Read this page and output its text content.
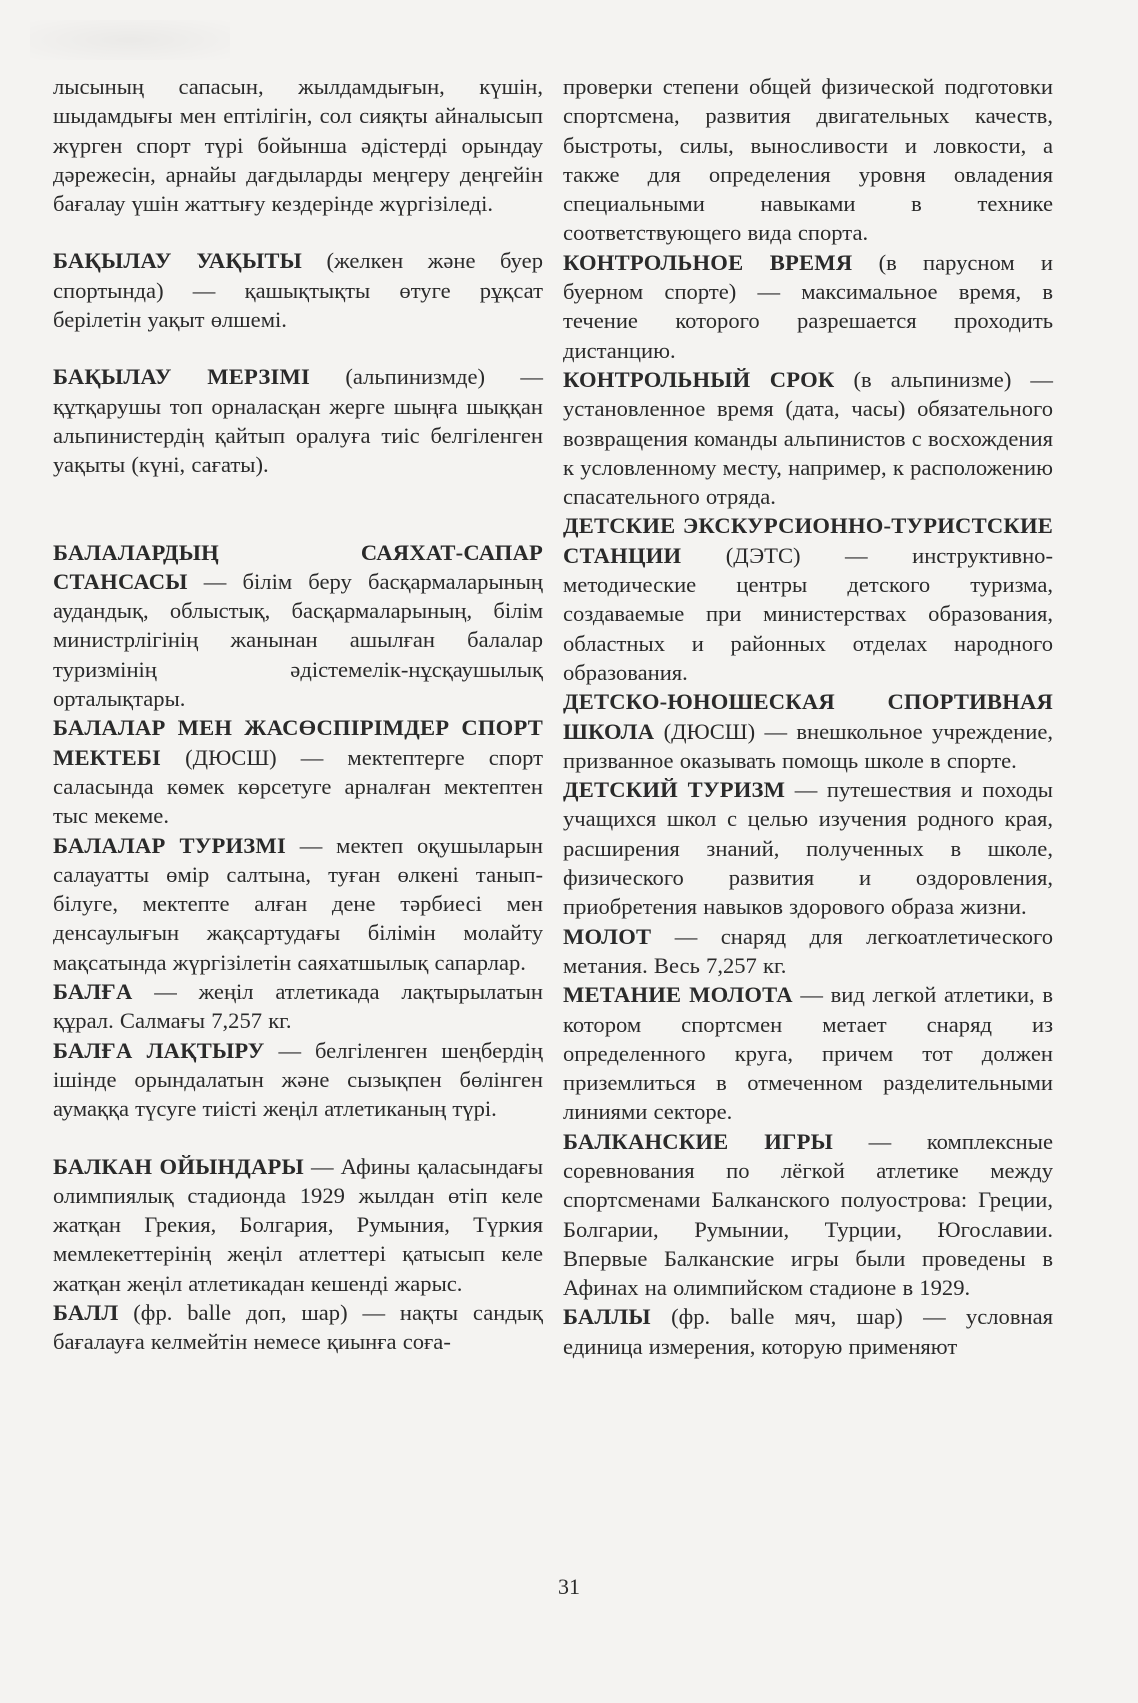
лысының сапасын, жылдамдығын, күшін, шыдамдығы мен ептілігін, сол сияқты айналысып жүрген спорт түрі бойынша әдістерді орындау дәрежесін, арнайы дағдыларды меңгеру деңгейін бағалау үшін жаттығу кездерінде жүргізіледі.

БАҚЫЛАУ УАҚЫТЫ (желкен және буер спортында) — қашықтықты өтуге рұқсат берілетін уақыт өлшемі.

БАҚЫЛАУ МЕРЗІМІ (альпинизмде) — құтқарушы топ орналасқан жерге шыңға шыққан альпинистердің қайтып оралуға тиіс белгіленген уақыты (күні, сағаты).

БАЛАЛАРДЫҢ САЯХАТ-САПАР СТАНСАСЫ — білім беру басқармаларының аудандық, облыстық, басқармаларының, білім министрлігінің жанынан ашылған балалар туризмінің әдістемелік-нұсқаушылық орталықтары.

БАЛАЛАР МЕН ЖАСӨСПІРІМДЕР СПОРТ МЕКТЕБІ (ДЮСШ) — мектептерге спорт саласында көмек көрсетуге арналған мектептен тыс мекеме.

БАЛАЛАР ТУРИЗМІ — мектеп оқушыларын салауатты өмір салтына, туған өлкені танып-білуге, мектепте алған дене тәрбиесі мен денсаулығын жақсартудағы білімін молайту мақсатында жүргізілетін саяхатшылық сапарлар.

БАЛҒА — жеңіл атлетикада лақтырылатын құрал. Салмағы 7,257 кг.

БАЛҒА ЛАҚТЫРУ — белгіленген шеңбердің ішінде орындалатын және сызықпен бөлінген аумаққа түсуге тиісті жеңіл атлетиканың түрі.

БАЛКАН ОЙЫНДАРЫ — Афины қаласындағы олимпиялық стадионда 1929 жылдан өтіп келе жатқан Грекия, Болгария, Румыния, Түркия мемлекеттерінің жеңіл атлеттері қатысып келе жатқан жеңіл атлетикадан кешенді жарыс.

БАЛЛ (фр. balle доп, шар) — нақты сандық бағалауға келмейтін немесе қиынға соға-

проверки степени общей физической подготовки спортсмена, развития двигательных качеств, быстроты, силы, выносливости и ловкости, а также для определения уровня овладения специальными навыками в технике соответствующего вида спорта.

КОНТРОЛЬНОЕ ВРЕМЯ (в парусном и буерном спорте) — максимальное время, в течение которого разрешается проходить дистанцию.

КОНТРОЛЬНЫЙ СРОК (в альпинизме) — установленное время (дата, часы) обязательного возвращения команды альпинистов с восхождения к условленному месту, например, к расположению спасательного отряда.

ДЕТСКИЕ ЭКСКУРСИОННО-ТУРИСТСКИЕ СТАНЦИИ (ДЭТС) — инструктивно-методические центры детского туризма, создаваемые при министерствах образования, областных и районных отделах народного образования.

ДЕТСКО-ЮНОШЕСКАЯ СПОРТИВНАЯ ШКОЛА (ДЮСШ) — внешкольное учреждение, призванное оказывать помощь школе в спорте.

ДЕТСКИЙ ТУРИЗМ — путешествия и походы учащихся школ с целью изучения родного края, расширения знаний, полученных в школе, физического развития и оздоровления, приобретения навыков здорового образа жизни.

МОЛОТ — снаряд для легкоатлетического метания. Весь 7,257 кг.

МЕТАНИЕ МОЛОТА — вид легкой атлетики, в котором спортсмен метает снаряд из определенного круга, причем тот должен приземлиться в отмеченном разделительными линиями секторе.

БАЛКАНСКИЕ ИГРЫ — комплексные соревнования по лёгкой атлетике между спортсменами Балканского полуострова: Греции, Болгарии, Румынии, Турции, Югославии. Впервые Балканские игры были проведены в Афинах на олимпийском стадионе в 1929.

БАЛЛЫ (фр. balle мяч, шар) — условная единица измерения, которую применяют

31
